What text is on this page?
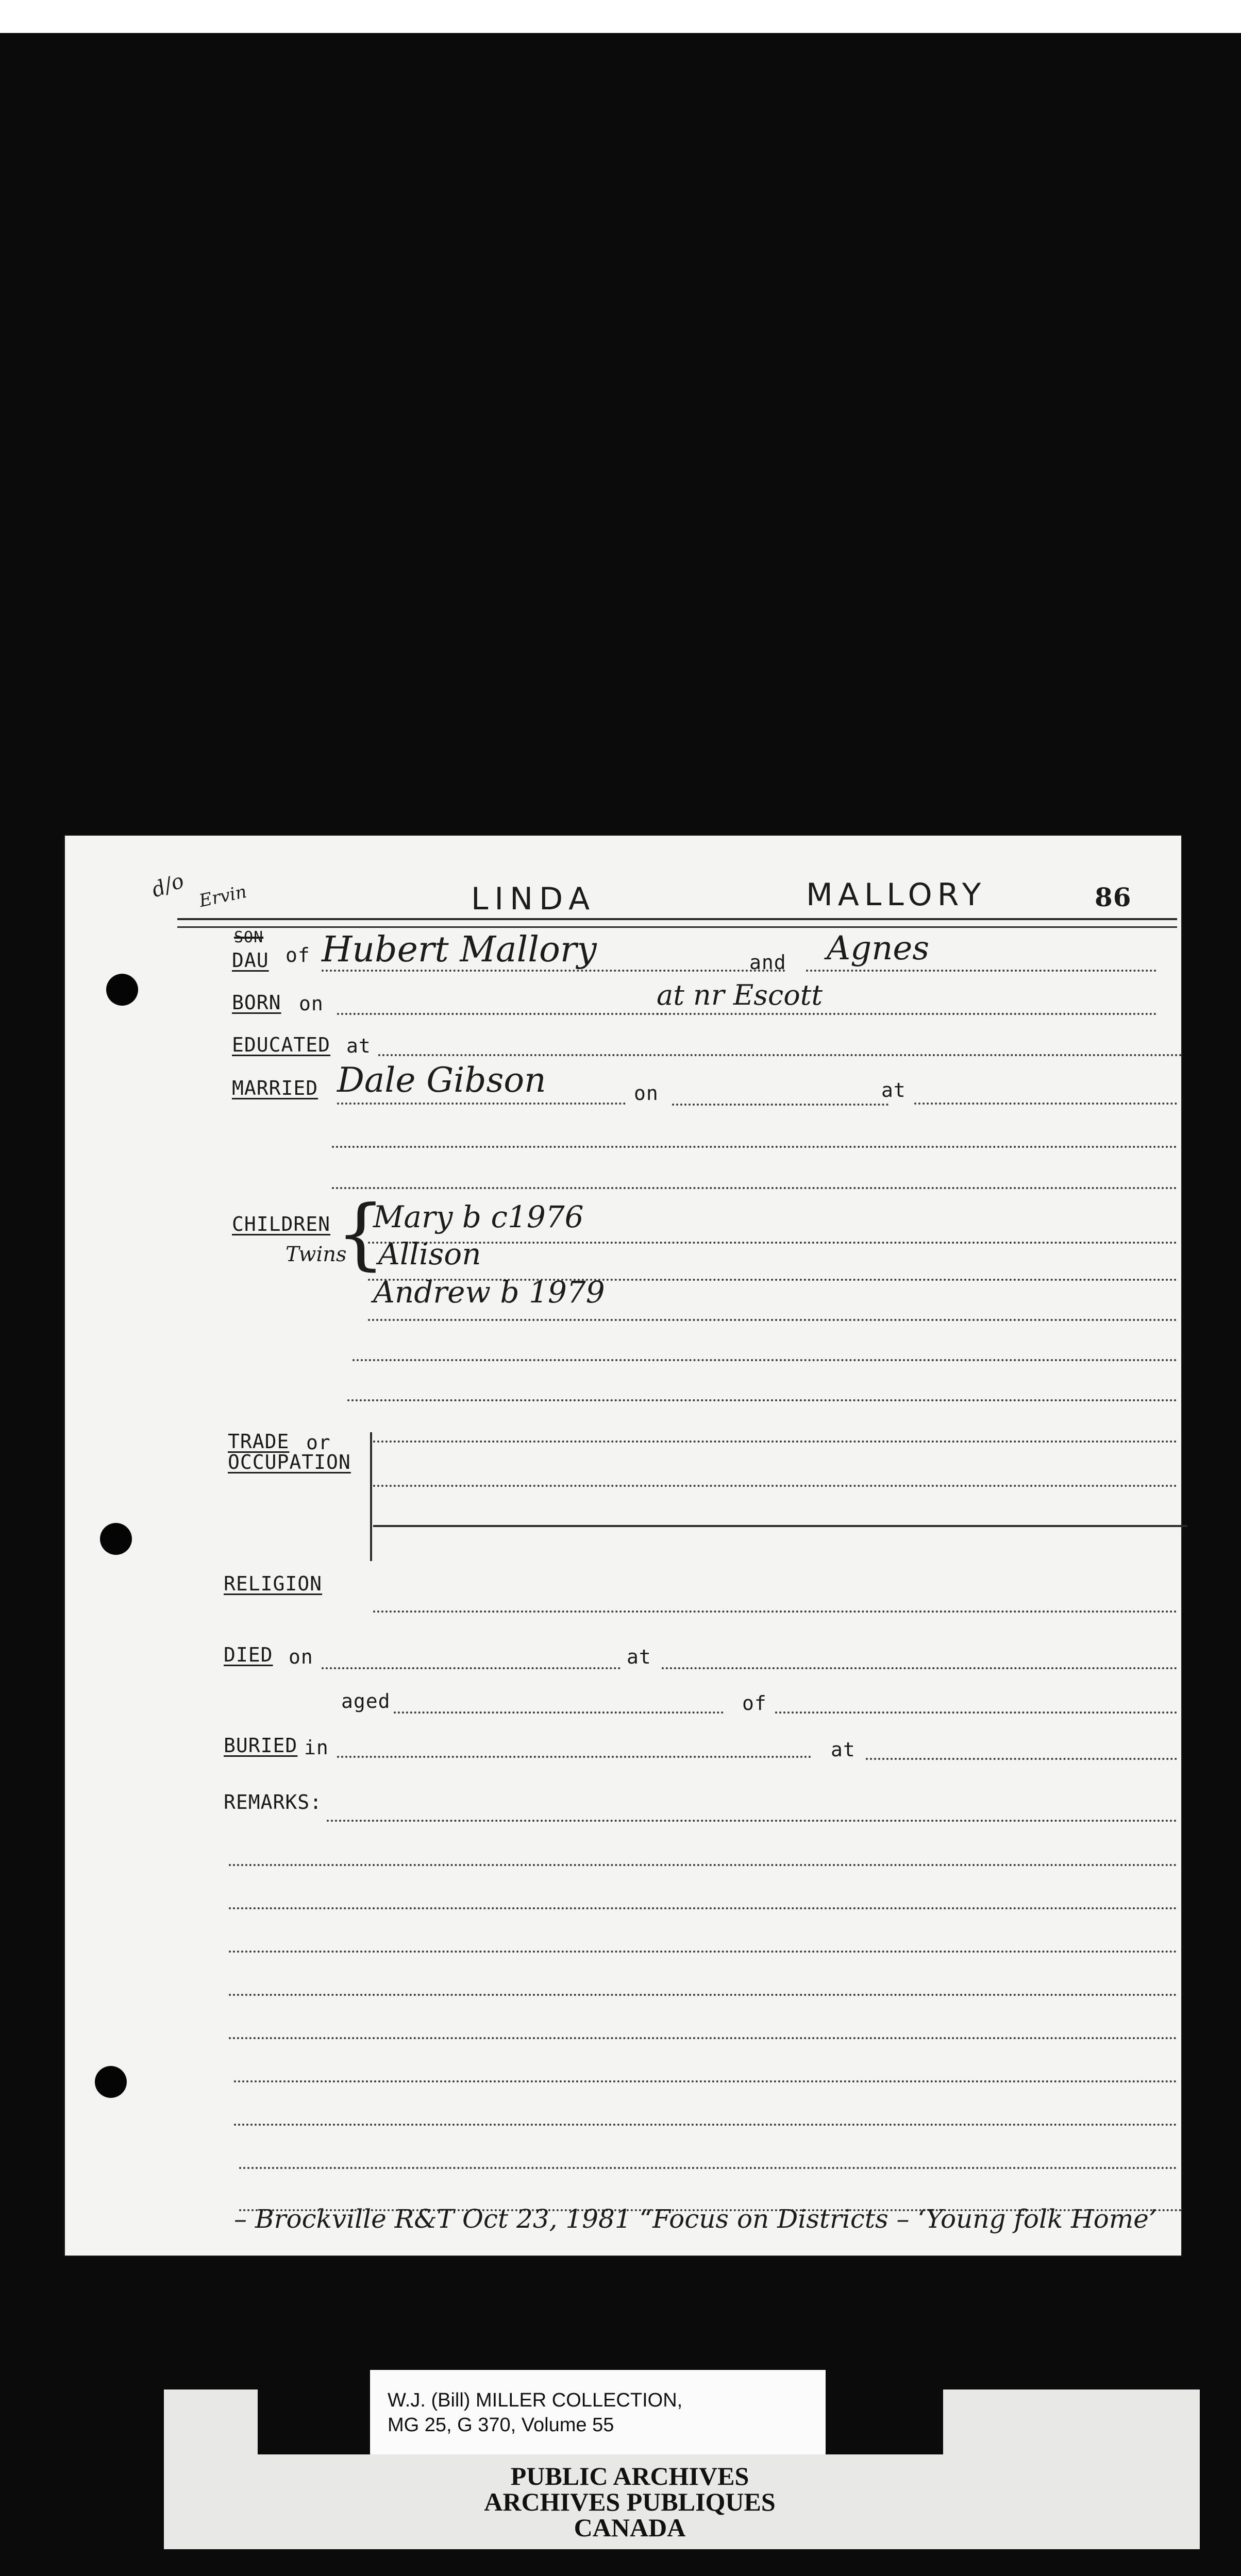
d/o Ervin	LINDA	MALLORY	86
SON
DAU of Hubert Mallory	and Agnes
BORN on	at nr Escott
EDUCATED at
MARRIED Dale Gibson	on	at
CHILDREN
Twins
{
Mary b c1976
Allison
Andrew b 1979
TRADE or
OCCUPATION
RELIGION
DIED on	at
aged	of
BURIED in	at
REMARKS:
– Brockville R&T Oct 23, 1981 “Focus on Districts – ‘Young folk Home’
W.J. (Bill) MILLER COLLECTION,
MG 25, G 370, Volume 55
PUBLIC ARCHIVES
ARCHIVES PUBLIQUES
CANADA
